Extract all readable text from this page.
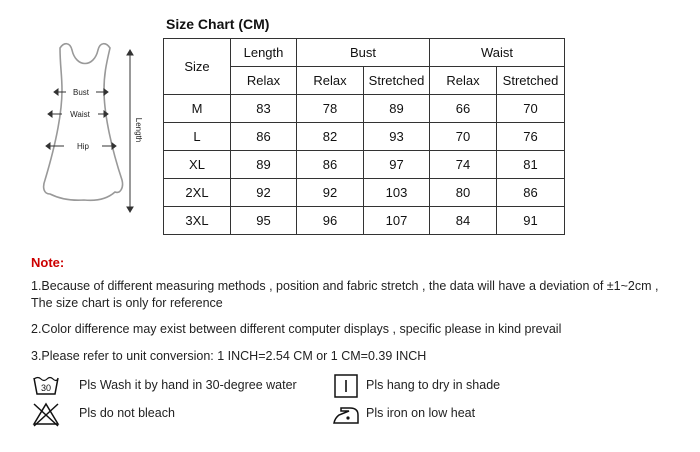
Bust
Waist
Hip
Length
Size Chart (CM)
Size	Length	Bust		Waist	
	Relax	Relax	Stretched	Relax	Stretched
M	83	78	89	66	70
L	86	82	93	70	76
XL	89	86	97	74	81
2XL	92	92	103	80	86
3XL	95	96	107	84	91
Note:
1.Because of different measuring methods , position and fabric stretch , the data will have a deviation of ±1~2cm ,
The size chart is only for reference
2.Color difference may exist between different computer displays , specific please in kind prevail
3.Please refer to unit conversion: 1 INCH=2.54 CM or 1 CM=0.39 INCH
30 Pls Wash it by hand in 30-degree water
Pls do not bleach
Pls hang to dry in shade
Pls iron on low heat
